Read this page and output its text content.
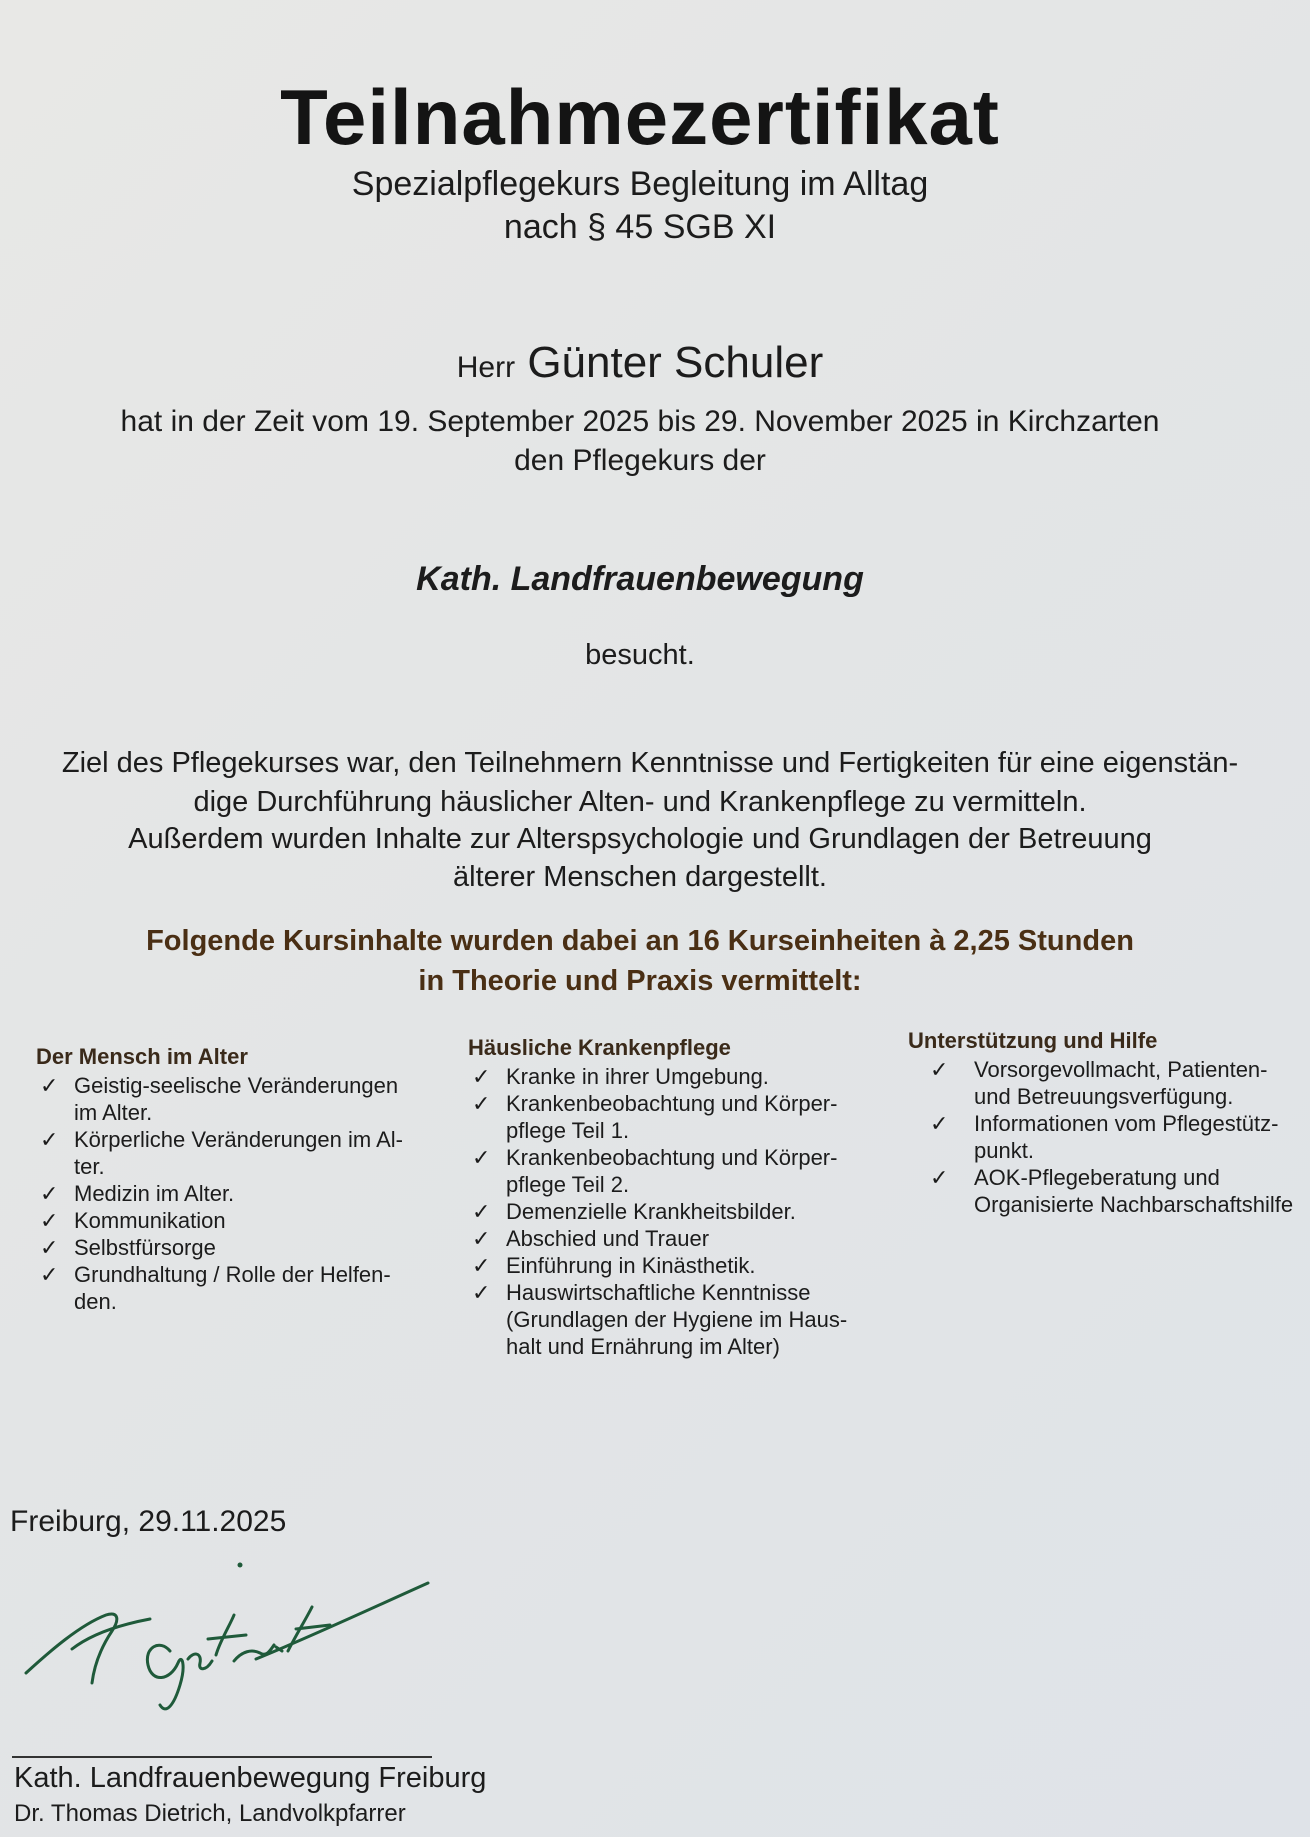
Teilnahmezertifikat
Spezialpflegekurs Begleitung im Alltag
nach § 45 SGB XI
Herr Günter Schuler
hat in der Zeit vom 19. September 2025 bis 29. November 2025 in Kirchzarten
den Pflegekurs der
Kath. Landfrauenbewegung
besucht.
Ziel des Pflegekurses war, den Teilnehmern Kenntnisse und Fertigkeiten für eine eigenstän-
dige Durchführung häuslicher Alten- und Krankenpflege zu vermitteln.
Außerdem wurden Inhalte zur Alterspsychologie und Grundlagen der Betreuung
älterer Menschen dargestellt.
Folgende Kursinhalte wurden dabei an 16 Kurseinheiten à 2,25 Stunden
in Theorie und Praxis vermittelt:
Der Mensch im Alter
✓ Geistig-seelische Veränderungen
im Alter.
✓ Körperliche Veränderungen im Al-
ter.
✓ Medizin im Alter.
✓ Kommunikation
✓ Selbstfürsorge
✓ Grundhaltung / Rolle der Helfen-
den.
Häusliche Krankenpflege
✓ Kranke in ihrer Umgebung.
✓ Krankenbeobachtung und Körper-
pflege Teil 1.
✓ Krankenbeobachtung und Körper-
pflege Teil 2.
✓ Demenzielle Krankheitsbilder.
✓ Abschied und Trauer
✓ Einführung in Kinästhetik.
✓ Hauswirtschaftliche Kenntnisse
(Grundlagen der Hygiene im Haus-
halt und Ernährung im Alter)
Unterstützung und Hilfe
✓ Vorsorgevollmacht, Patienten-
und Betreuungsverfügung.
✓ Informationen vom Pflegestütz-
punkt.
✓ AOK-Pflegeberatung und
Organisierte Nachbarschaftshilfe
Freiburg, 29.11.2025
Kath. Landfrauenbewegung Freiburg
Dr. Thomas Dietrich, Landvolkpfarrer
